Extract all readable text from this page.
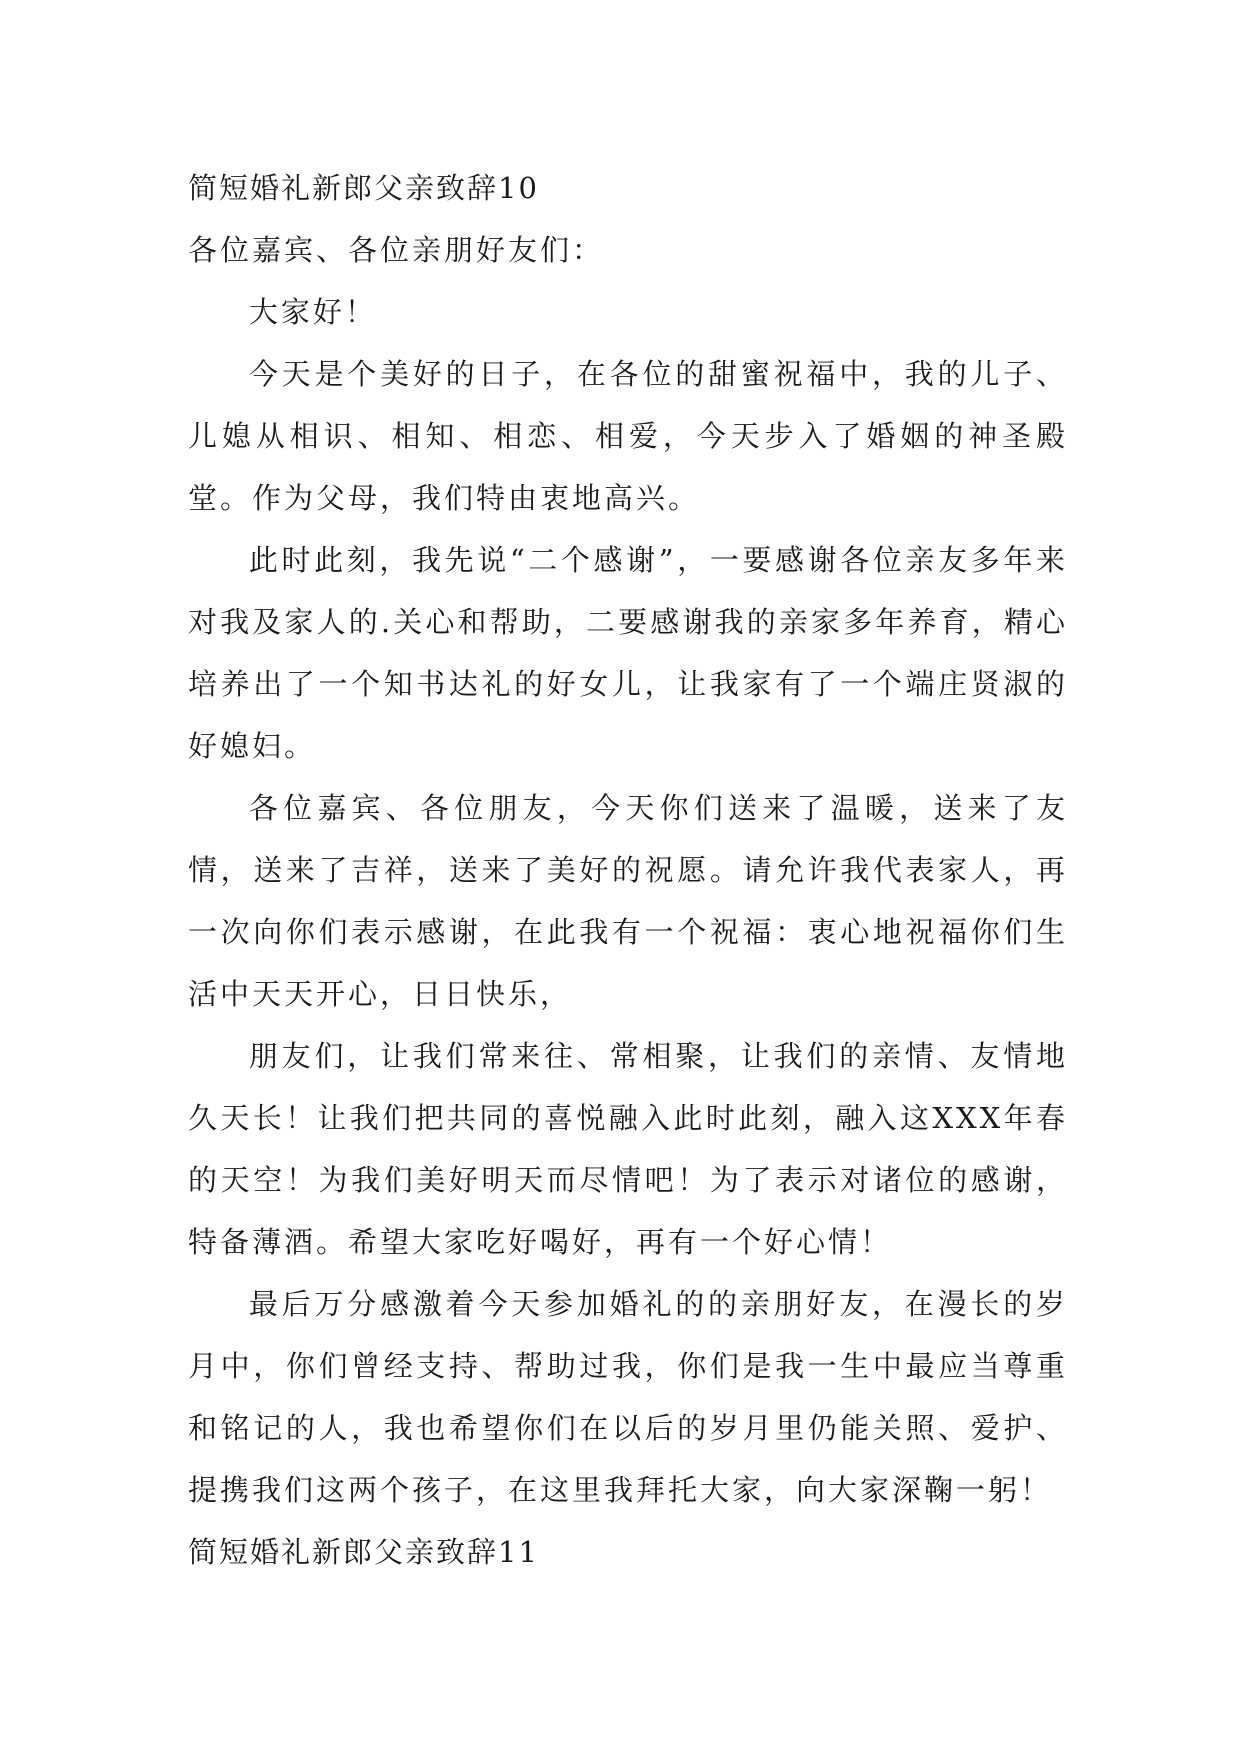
简短婚礼新郎父亲致辞10

各位嘉宾、各位亲朋好友们：

大家好！

今天是个美好的日子，在各位的甜蜜祝福中，我的儿子、儿媳从相识、相知、相恋、相爱，今天步入了婚姻的神圣殿堂。作为父母，我们特由衷地高兴。

此时此刻，我先说“二个感谢”，一要感谢各位亲友多年来对我及家人的.关心和帮助，二要感谢我的亲家多年养育，精心培养出了一个知书达礼的好女儿，让我家有了一个端庄贤淑的好媳妇。

各位嘉宾、各位朋友，今天你们送来了温暖，送来了友情，送来了吉祥，送来了美好的祝愿。请允许我代表家人，再一次向你们表示感谢，在此我有一个祝福：衷心地祝福你们生活中天天开心，日日快乐，

朋友们，让我们常来往、常相聚，让我们的亲情、友情地久天长！让我们把共同的喜悦融入此时此刻，融入这XXX年春的天空！为我们美好明天而尽情吧！为了表示对诸位的感谢，特备薄酒。希望大家吃好喝好，再有一个好心情！

最后万分感激着今天参加婚礼的的亲朋好友，在漫长的岁月中，你们曾经支持、帮助过我，你们是我一生中最应当尊重和铭记的人，我也希望你们在以后的岁月里仍能关照、爱护、提携我们这两个孩子，在这里我拜托大家，向大家深鞠一躬！

简短婚礼新郎父亲致辞11
